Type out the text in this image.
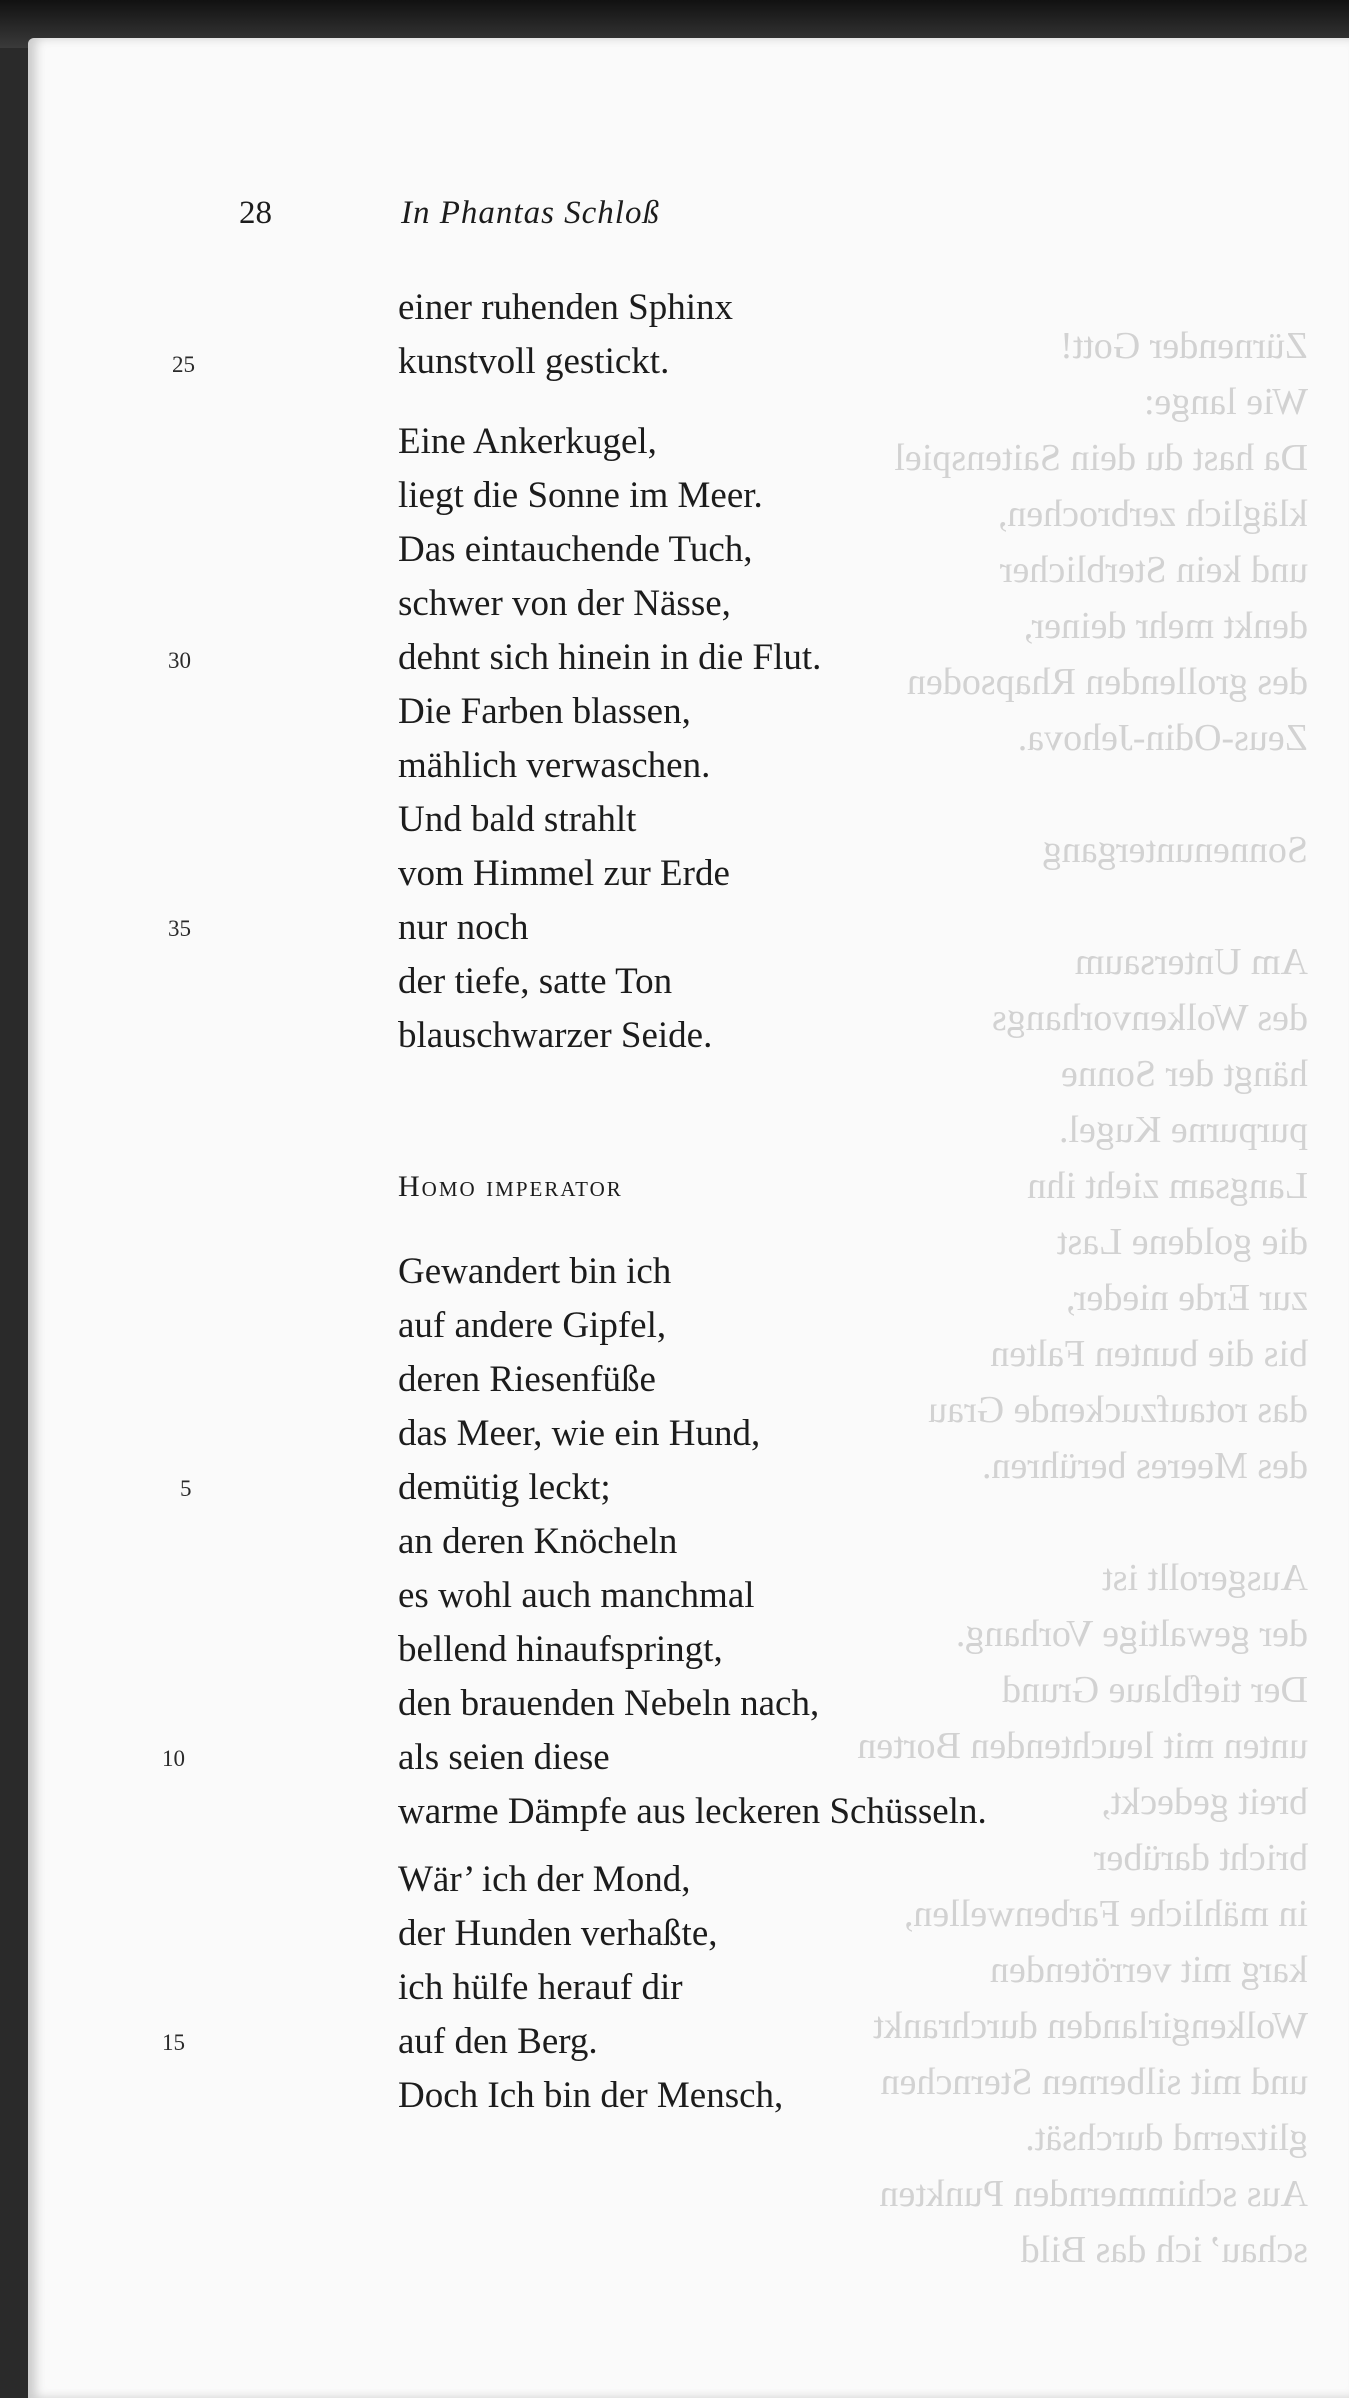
Zürnender Gott!
Wie lange:
Da hast du dein Saitenspiel
kläglich zerbrochen,
und kein Sterblicher
denkt mehr deiner,
des grollenden Rhapsoden
Zeus-Odin-Jehova.

Sonnenuntergang

Am Untersaum
des Wolkenvorhangs
hängt der Sonne
purpurne Kugel.
Langsam zieht ihn
die goldene Last
zur Erde nieder,
bis die bunten Falten
das rotaufzuckende Grau
des Meeres berühren.

Ausgerollt ist
der gewaltige Vorhang.
Der tiefblaue Grund
unten mit leuchtenden Borten
breit gedeckt,
bricht darüber
in mähliche Farbenwellen,
karg mit verrötenden
Wolkengirlanden durchrankt
und mit silbernen Sternchen
glitzernd durchsät.
Aus schimmernden Punkten
schau’ ich das Bild
28	In Phantas Schloß
einer ruhenden Sphinx
kunstvoll gestickt.
Eine Ankerkugel,
liegt die Sonne im Meer.
Das eintauchende Tuch,
schwer von der Nässe,
dehnt sich hinein in die Flut.
Die Farben blassen,
mählich verwaschen.
Und bald strahlt
vom Himmel zur Erde
nur noch
der tiefe, satte Ton
blauschwarzer Seide.
25
30
35
Homo imperator
Gewandert bin ich
auf andere Gipfel,
deren Riesenfüße
das Meer, wie ein Hund,
demütig leckt;
an deren Knöcheln
es wohl auch manchmal
bellend hinaufspringt,
den brauenden Nebeln nach,
als seien diese
warme Dämpfe aus leckeren Schüsseln.
Wär’ ich der Mond,
der Hunden verhaßte,
ich hülfe herauf dir
auf den Berg.
Doch Ich bin der Mensch,
5
10
15
